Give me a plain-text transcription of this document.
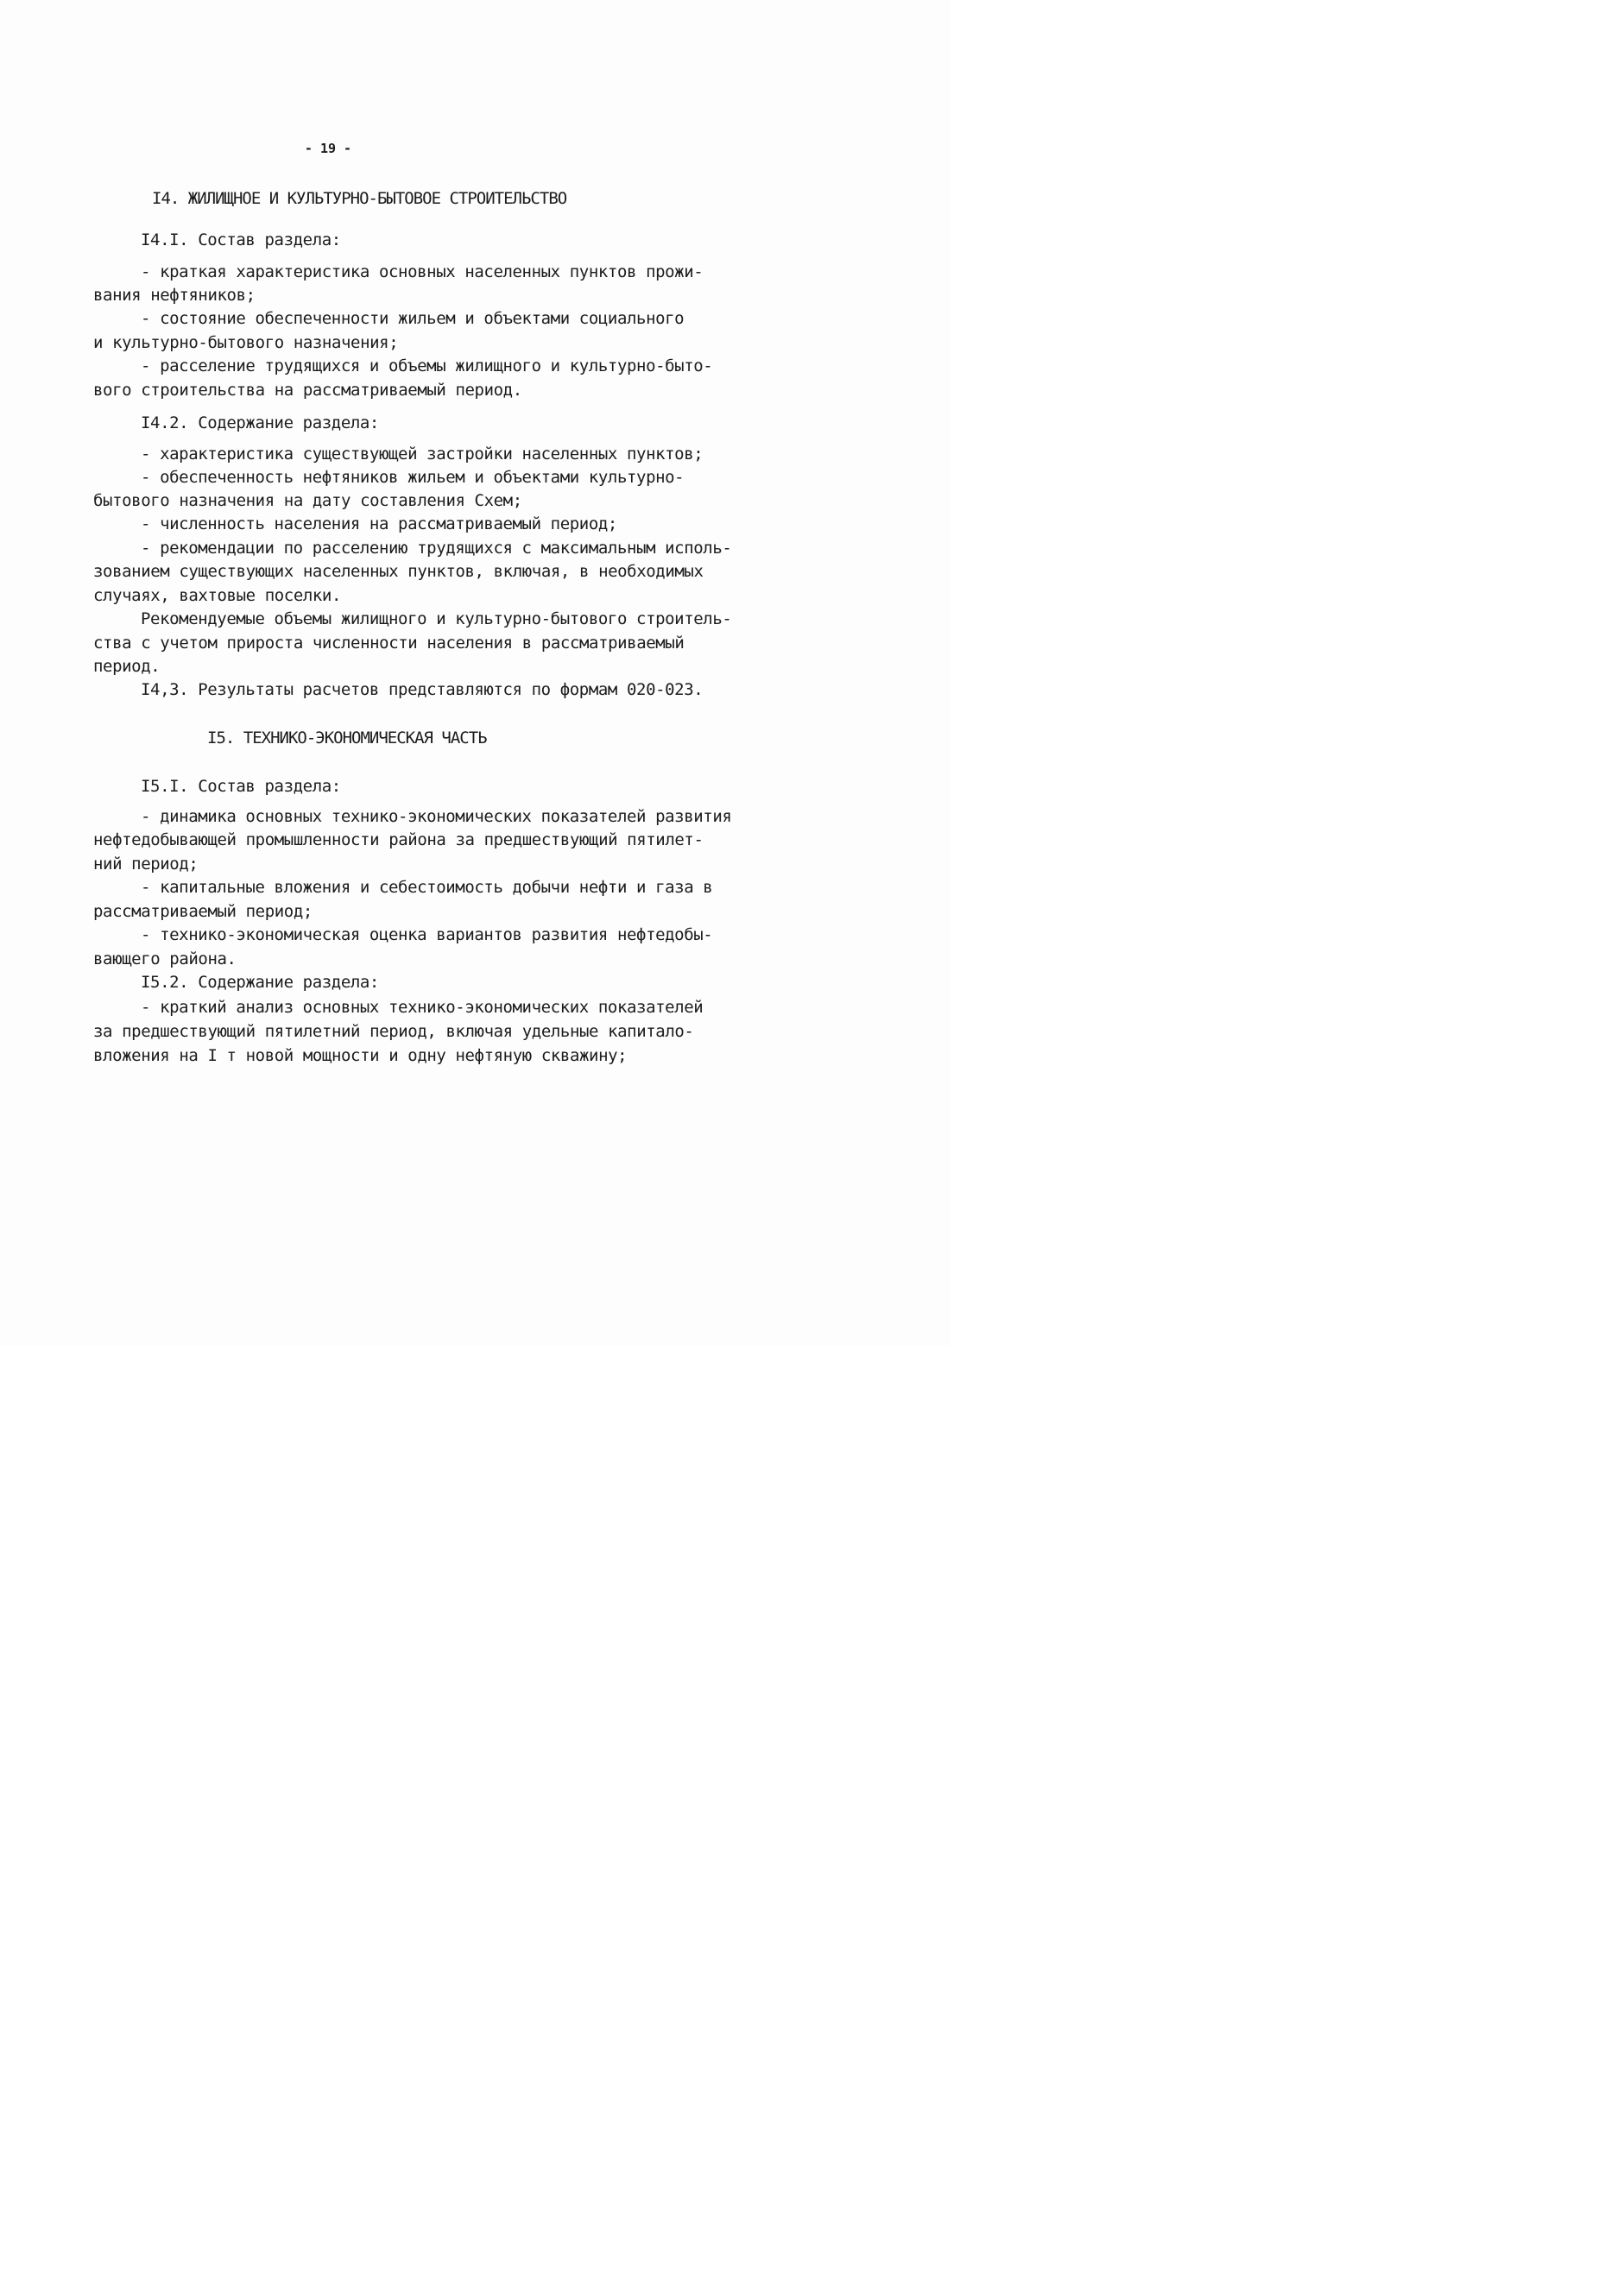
- 19 -
I4. ЖИЛИЩНОЕ И КУЛЬТУРНО-БЫТОВОЕ СТРОИТЕЛЬСТВО
I4.I. Состав раздела:
- краткая характеристика основных населенных пунктов прожи-
вания нефтяников;
- состояние обеспеченности жильем и объектами социального
и культурно-бытового назначения;
- расселение трудящихся и объемы жилищного и культурно-быто-
вого строительства на рассматриваемый период.
I4.2. Содержание раздела:
- характеристика существующей застройки населенных пунктов;
- обеспеченность нефтяников жильем и объектами культурно-
бытового назначения на дату составления Схем;
- численность населения на рассматриваемый период;
- рекомендации по расселению трудящихся с максимальным исполь-
зованием существующих населенных пунктов, включая, в необходимых
случаях, вахтовые поселки.
Рекомендуемые объемы жилищного и культурно-бытового строитель-
ства с учетом прироста численности населения в рассматриваемый
период.
I4,3. Результаты расчетов представляются по формам 020-023.
I5. ТЕХНИКО-ЭКОНОМИЧЕСКАЯ ЧАСТЬ
I5.I. Состав раздела:
- динамика основных технико-экономических показателей развития
нефтедобывающей промышленности района за предшествующий пятилет-
ний период;
- капитальные вложения и себестоимость добычи нефти и газа в
рассматриваемый период;
- технико-экономическая оценка вариантов развития нефтедобы-
вающего района.
I5.2. Содержание раздела:
- краткий анализ основных технико-экономических показателей
за предшествующий пятилетний период, включая удельные капитало-
вложения на I т новой мощности и одну нефтяную скважину;
